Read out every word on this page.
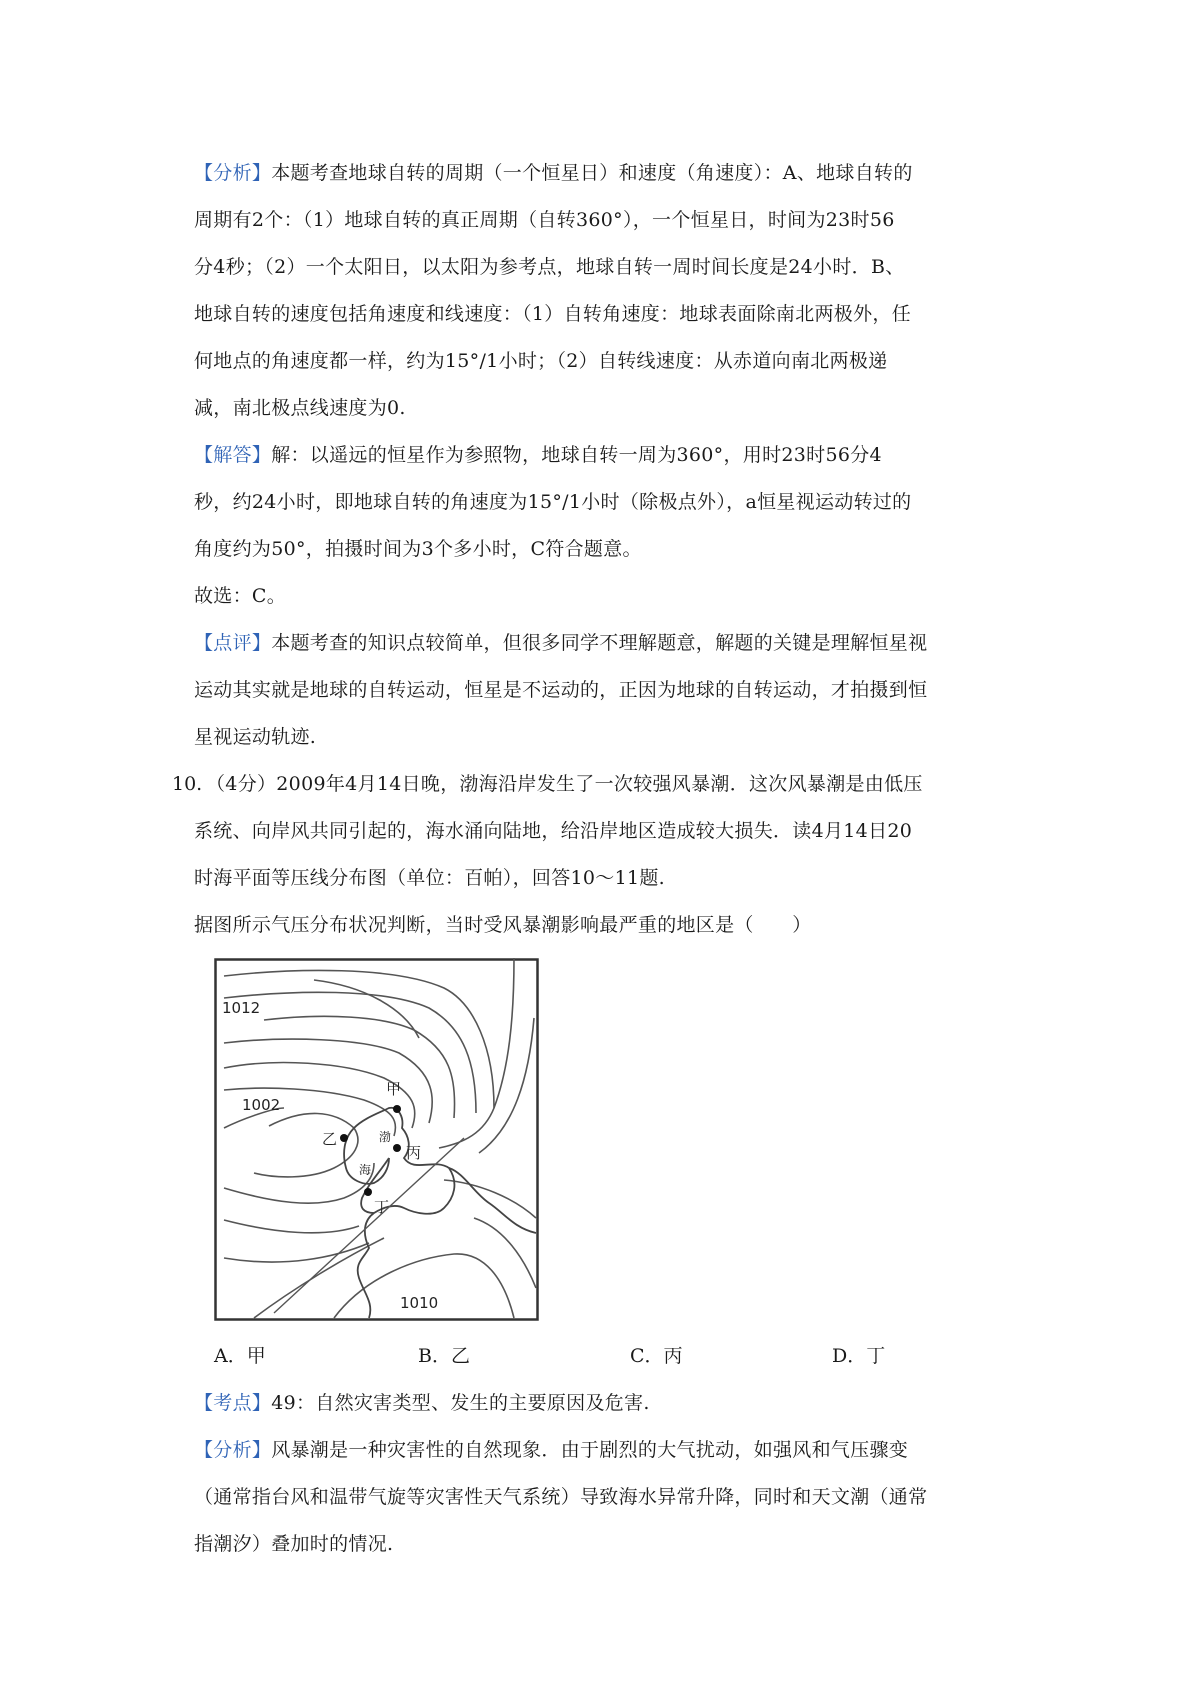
【分析】本题考查地球自转的周期（一个恒星日）和速度（角速度）：A、地球自转的
周期有2个：（1）地球自转的真正周期（自转360°），一个恒星日，时间为23时56
分4秒；（2）一个太阳日，以太阳为参考点，地球自转一周时间长度是24小时．B、
地球自转的速度包括角速度和线速度：（1）自转角速度：地球表面除南北两极外，任
何地点的角速度都一样，约为15°/1小时；（2）自转线速度：从赤道向南北两极递
减，南北极点线速度为0.
【解答】解：以遥远的恒星作为参照物，地球自转一周为360°，用时23时56分4
秒，约24小时，即地球自转的角速度为15°/1小时（除极点外），a恒星视运动转过的
角度约为50°，拍摄时间为3个多小时，C符合题意。
故选：C。
【点评】本题考查的知识点较简单，但很多同学不理解题意，解题的关键是理解恒星视
运动其实就是地球的自转运动，恒星是不运动的，正因为地球的自转运动，才拍摄到恒
星视运动轨迹.
10. （4分）2009年4月14日晚，渤海沿岸发生了一次较强风暴潮．这次风暴潮是由低压
系统、向岸风共同引起的，海水涌向陆地，给沿岸地区造成较大损失．读4月14日20
时海平面等压线分布图（单位：百帕），回答10～11题.
据图所示气压分布状况判断，当时受风暴潮影响最严重的地区是（　　）
1012
1002
1010
甲
乙
丙
丁
渤
海
A．甲	B．乙	C．丙	D．丁
【考点】49：自然灾害类型、发生的主要原因及危害.
【分析】风暴潮是一种灾害性的自然现象．由于剧烈的大气扰动，如强风和气压骤变
（通常指台风和温带气旋等灾害性天气系统）导致海水异常升降，同时和天文潮（通常
指潮汐）叠加时的情况.
